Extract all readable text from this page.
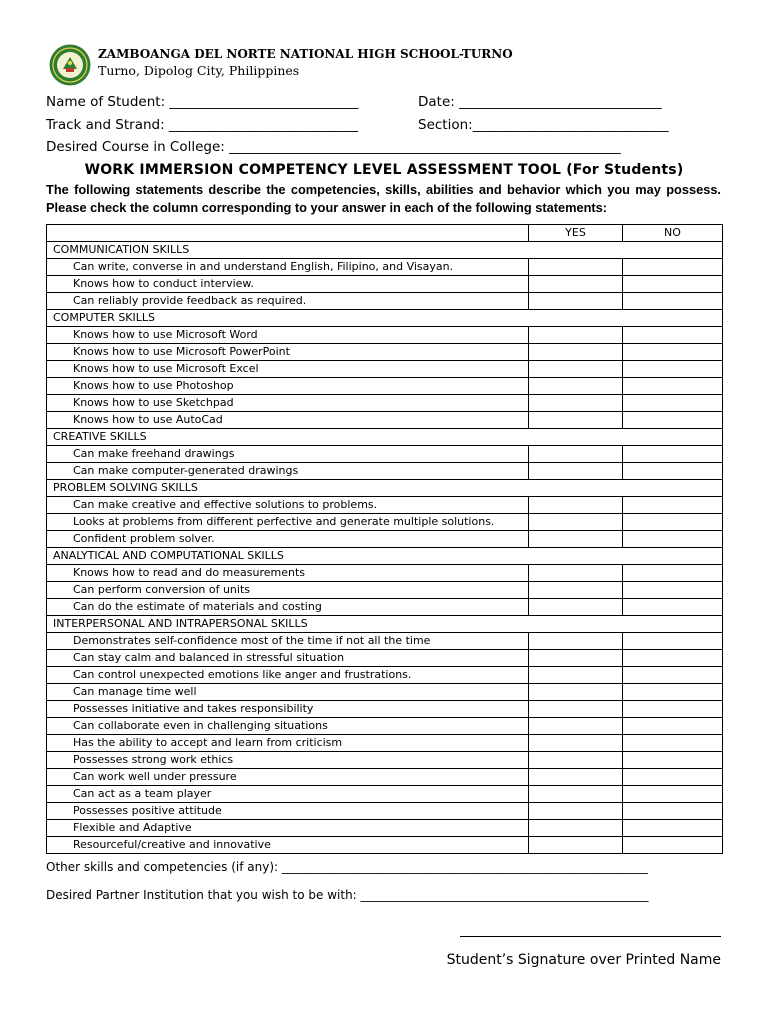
ZAMBOANGA DEL NORTE NATIONAL HIGH SCHOOL-TURNO
Turno, Dipolog City, Philippines
Name of Student: ____________________________	Date: ______________________________
Track and Strand: ____________________________	Section:_____________________________
Desired Course in College: __________________________________________________________
WORK IMMERSION COMPETENCY LEVEL ASSESSMENT TOOL (For Students)
The following statements describe the competencies, skills, abilities and behavior which you may possess. Please check the column corresponding to your answer in each of the following statements:
	YES	NO
COMMUNICATION SKILLS		
Can write, converse in and understand English, Filipino, and Visayan.		
Knows how to conduct interview.		
Can reliably provide feedback as required.		
COMPUTER SKILLS		
Knows how to use Microsoft Word		
Knows how to use Microsoft PowerPoint		
Knows how to use Microsoft Excel		
Knows how to use Photoshop		
Knows how to use Sketchpad		
Knows how to use AutoCad		
CREATIVE SKILLS		
Can make freehand drawings		
Can make computer-generated drawings		
PROBLEM SOLVING SKILLS		
Can make creative and effective solutions to problems.		
Looks at problems from different perfective and generate multiple solutions.		
Confident problem solver.		
ANALYTICAL AND COMPUTATIONAL SKILLS		
Knows how to read and do measurements		
Can perform conversion of units		
Can do the estimate of materials and costing		
INTERPERSONAL AND INTRAPERSONAL SKILLS		
Demonstrates self-confidence most of the time if not all the time		
Can stay calm and balanced in stressful situation		
Can control unexpected emotions like anger and frustrations.		
Can manage time well		
Possesses initiative and takes responsibility		
Can collaborate even in challenging situations		
Has the ability to accept and learn from criticism		
Possesses strong work ethics		
Can work well under pressure		
Can act as a team player		
Possesses positive attitude		
Flexible and Adaptive		
Resourceful/creative and innovative		
Other skills and competencies (if any): _____________________________________________________________
Desired Partner Institution that you wish to be with: ________________________________________________
Student’s Signature over Printed Name
